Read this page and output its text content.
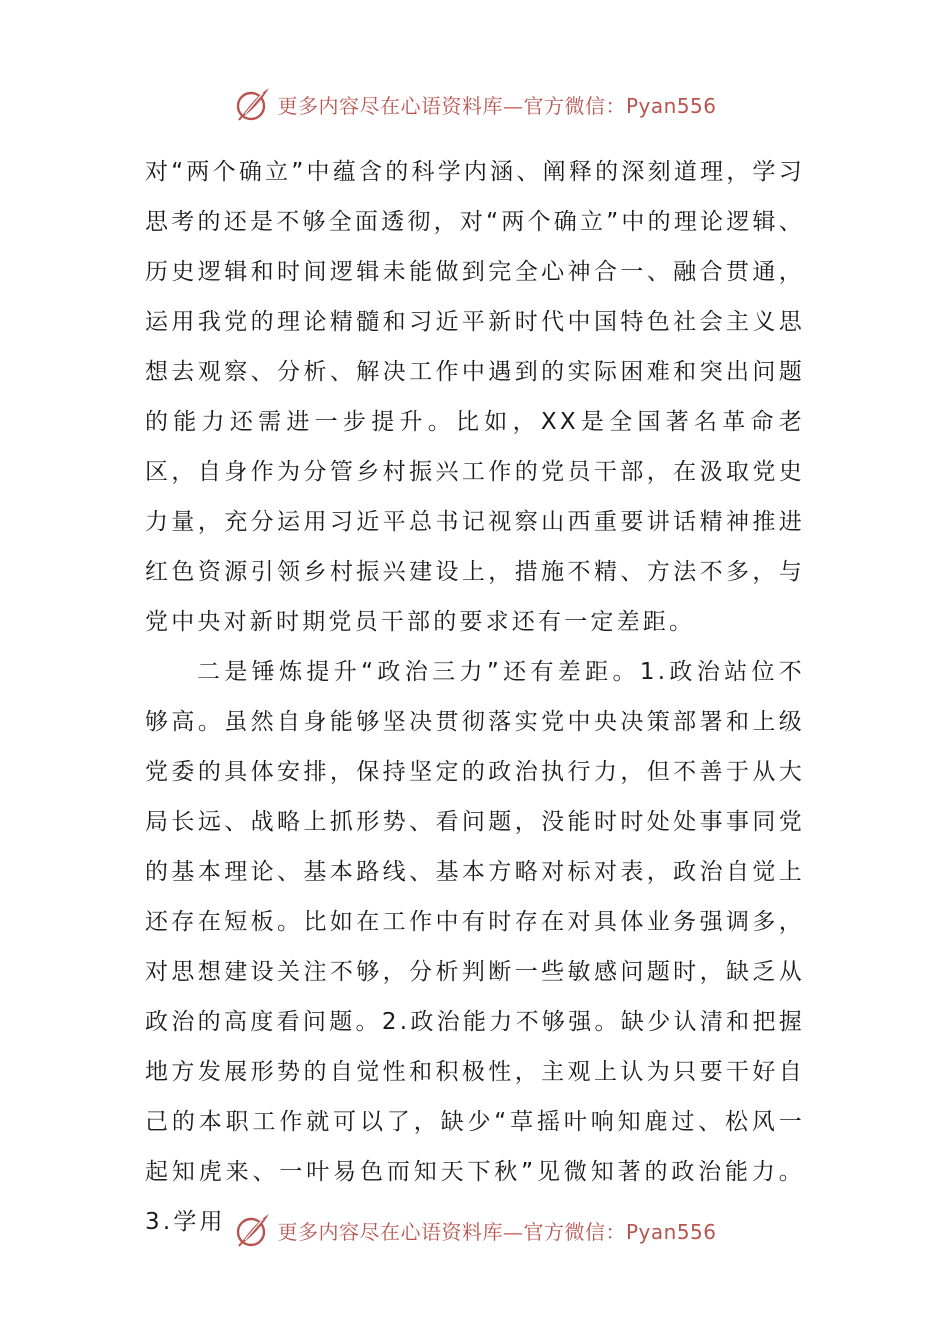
更多内容尽在心语资料库—官方微信：Pyan556

对“两个确立”中蕴含的科学内涵、阐释的深刻道理，学习思考的还是不够全面透彻，对“两个确立”中的理论逻辑、历史逻辑和时间逻辑未能做到完全心神合一、融合贯通，运用我党的理论精髓和习近平新时代中国特色社会主义思想去观察、分析、解决工作中遇到的实际困难和突出问题的能力还需进一步提升。比如，XX是全国著名革命老区，自身作为分管乡村振兴工作的党员干部，在汲取党史力量，充分运用习近平总书记视察山西重要讲话精神推进红色资源引领乡村振兴建设上，措施不精、方法不多，与党中央对新时期党员干部的要求还有一定差距。

二是锤炼提升“政治三力”还有差距。1.政治站位不够高。虽然自身能够坚决贯彻落实党中央决策部署和上级党委的具体安排，保持坚定的政治执行力，但不善于从大局长远、战略上抓形势、看问题，没能时时处处事事同党的基本理论、基本路线、基本方略对标对表，政治自觉上还存在短板。比如在工作中有时存在对具体业务强调多，对思想建设关注不够，分析判断一些敏感问题时，缺乏从政治的高度看问题。2.政治能力不够强。缺少认清和把握地方发展形势的自觉性和积极性，主观上认为只要干好自己的本职工作就可以了，缺少“草摇叶响知鹿过、松风一起知虎来、一叶易色而知天下秋”见微知著的政治能力。3.学用	更多内容尽在心语资料库—官方微信：Pyan556
